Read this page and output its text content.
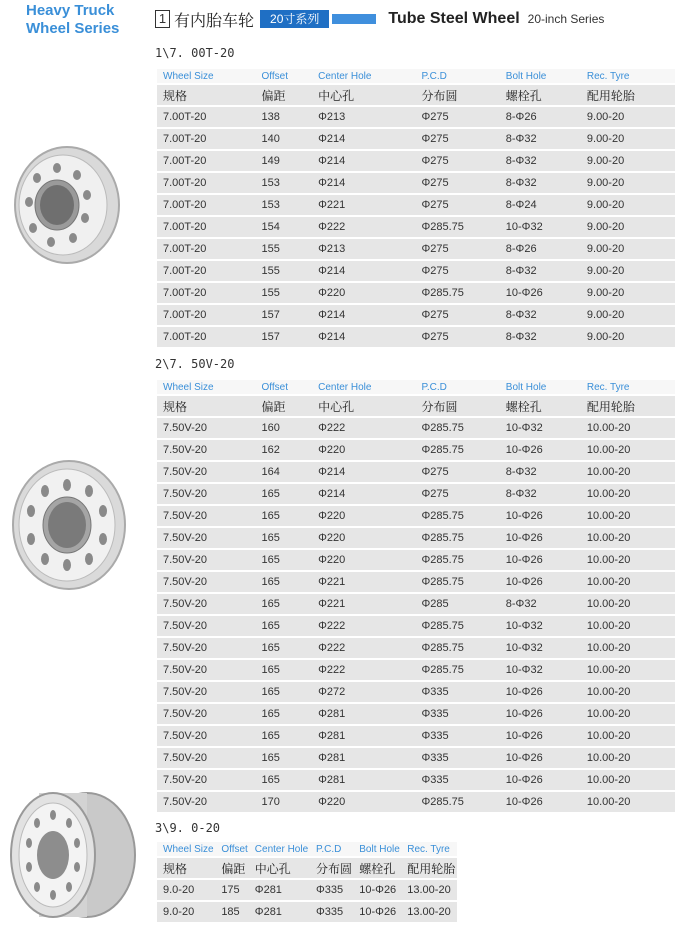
Heavy Truck
Wheel Series
1 有内胎车轮	20寸系列	Tube Steel Wheel 20-inch Series
1\7. 00T-20
Wheel Size	Offset	Center Hole	P.C.D	Bolt Hole	Rec. Tyre
规格	偏距	中心孔	分布圆	螺栓孔	配用轮胎
7.00T-20	138	Φ213	Φ275	8-Φ26	9.00-20
7.00T-20	140	Φ214	Φ275	8-Φ32	9.00-20
7.00T-20	149	Φ214	Φ275	8-Φ32	9.00-20
7.00T-20	153	Φ214	Φ275	8-Φ32	9.00-20
7.00T-20	153	Φ221	Φ275	8-Φ24	9.00-20
7.00T-20	154	Φ222	Φ285.75	10-Φ32	9.00-20
7.00T-20	155	Φ213	Φ275	8-Φ26	9.00-20
7.00T-20	155	Φ214	Φ275	8-Φ32	9.00-20
7.00T-20	155	Φ220	Φ285.75	10-Φ26	9.00-20
7.00T-20	157	Φ214	Φ275	8-Φ32	9.00-20
7.00T-20	157	Φ214	Φ275	8-Φ32	9.00-20
2\7. 50V-20
Wheel Size	Offset	Center Hole	P.C.D	Bolt Hole	Rec. Tyre
规格	偏距	中心孔	分布圆	螺栓孔	配用轮胎
7.50V-20	160	Φ222	Φ285.75	10-Φ32	10.00-20
7.50V-20	162	Φ220	Φ285.75	10-Φ26	10.00-20
7.50V-20	164	Φ214	Φ275	8-Φ32	10.00-20
7.50V-20	165	Φ214	Φ275	8-Φ32	10.00-20
7.50V-20	165	Φ220	Φ285.75	10-Φ26	10.00-20
7.50V-20	165	Φ220	Φ285.75	10-Φ26	10.00-20
7.50V-20	165	Φ220	Φ285.75	10-Φ26	10.00-20
7.50V-20	165	Φ221	Φ285.75	10-Φ26	10.00-20
7.50V-20	165	Φ221	Φ285	8-Φ32	10.00-20
7.50V-20	165	Φ222	Φ285.75	10-Φ32	10.00-20
7.50V-20	165	Φ222	Φ285.75	10-Φ32	10.00-20
7.50V-20	165	Φ222	Φ285.75	10-Φ32	10.00-20
7.50V-20	165	Φ272	Φ335	10-Φ26	10.00-20
7.50V-20	165	Φ281	Φ335	10-Φ26	10.00-20
7.50V-20	165	Φ281	Φ335	10-Φ26	10.00-20
7.50V-20	165	Φ281	Φ335	10-Φ26	10.00-20
7.50V-20	165	Φ281	Φ335	10-Φ26	10.00-20
7.50V-20	170	Φ220	Φ285.75	10-Φ26	10.00-20
3\9. 0-20
Wheel Size	Offset	Center Hole	P.C.D	Bolt Hole	Rec. Tyre
规格	偏距	中心孔	分布圆	螺栓孔	配用轮胎
9.0-20	175	Φ281	Φ335	10-Φ26	13.00-20
9.0-20	185	Φ281	Φ335	10-Φ26	13.00-20
